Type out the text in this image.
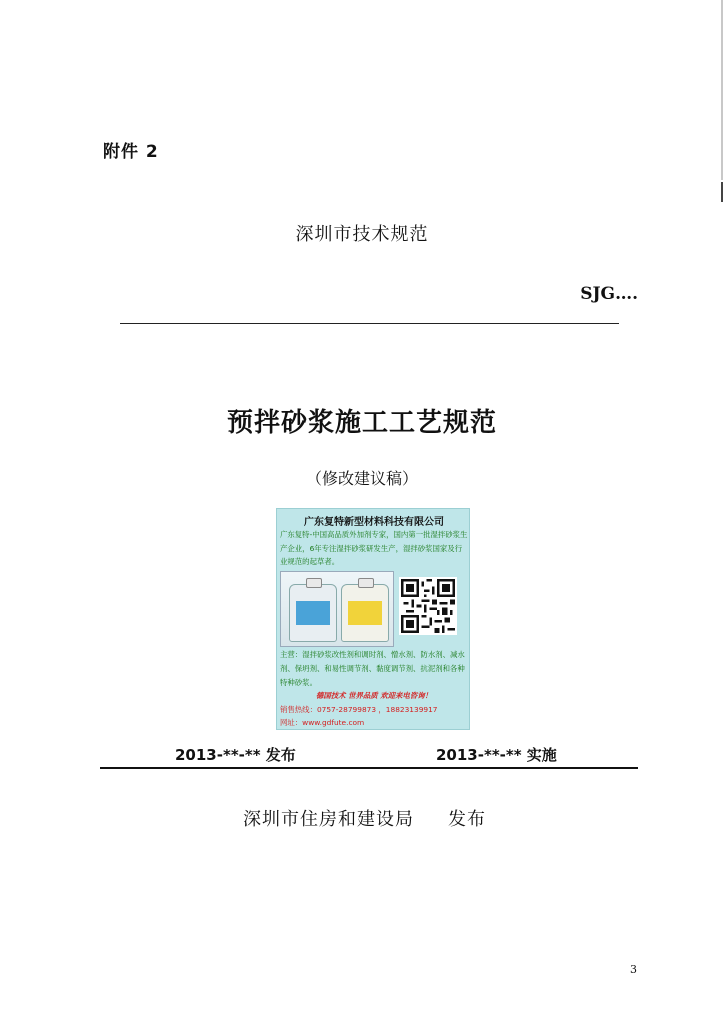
附件 2
深圳市技术规范
SJG….
预拌砂浆施工工艺规范
（修改建议稿）
广东复特新型材料科技有限公司
广东复特-中国高品质外加剂专家，国内第一批湿拌砂浆生产企业，6年专注湿拌砂浆研发生产，湿拌砂浆国家及行业规范的起草者。
主营：湿拌砂浆改性剂和调时剂、憎水剂、防水剂、减水剂、保坍剂、和易性调节剂、黏度调节剂、抗泥剂和各种特种砂浆。
德国技术 世界品质 欢迎来电咨询！
销售热线：0757-28799873 ，18823139917
网址：www.gdfute.com
2013-**-** 发布	2013-**-** 实施
深圳市住房和建设局 发布
3
